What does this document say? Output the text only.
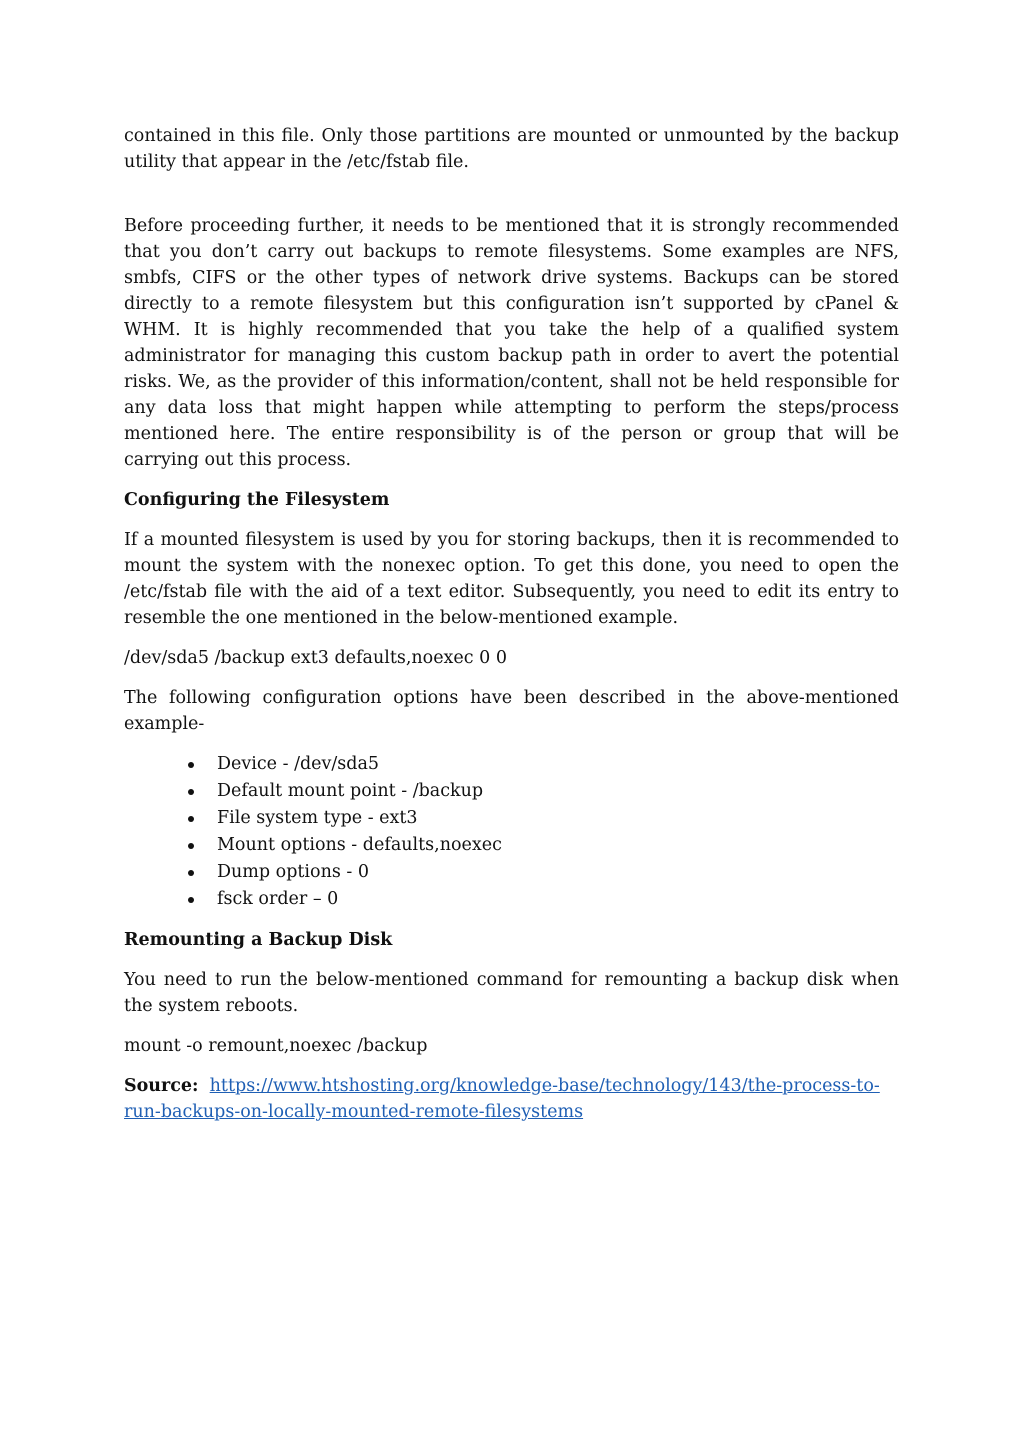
contained in this file. Only those partitions are mounted or unmounted by the backup utility that appear in the /etc/fstab file.

Before proceeding further, it needs to be mentioned that it is strongly recommended that you don’t carry out backups to remote filesystems. Some examples are NFS, smbfs, CIFS or the other types of network drive systems. Backups can be stored directly to a remote filesystem but this configuration isn’t supported by cPanel & WHM. It is highly recommended that you take the help of a qualified system administrator for managing this custom backup path in order to avert the potential risks. We, as the provider of this information/content, shall not be held responsible for any data loss that might happen while attempting to perform the steps/process mentioned here. The entire responsibility is of the person or group that will be carrying out this process.

Configuring the Filesystem

If a mounted filesystem is used by you for storing backups, then it is recommended to mount the system with the nonexec option. To get this done, you need to open the /etc/fstab file with the aid of a text editor. Subsequently, you need to edit its entry to resemble the one mentioned in the below-mentioned example.

/dev/sda5 /backup ext3 defaults,noexec 0 0

The following configuration options have been described in the above-mentioned example-

Device - /dev/sda5
Default mount point - /backup
File system type - ext3
Mount options - defaults,noexec
Dump options - 0
fsck order – 0
Remounting a Backup Disk

You need to run the below-mentioned command for remounting a backup disk when the system reboots.

mount -o remount,noexec /backup

Source: https://www.htshosting.org/knowledge-base/technology/143/the-process-to-run-backups-on-locally-mounted-remote-filesystems
